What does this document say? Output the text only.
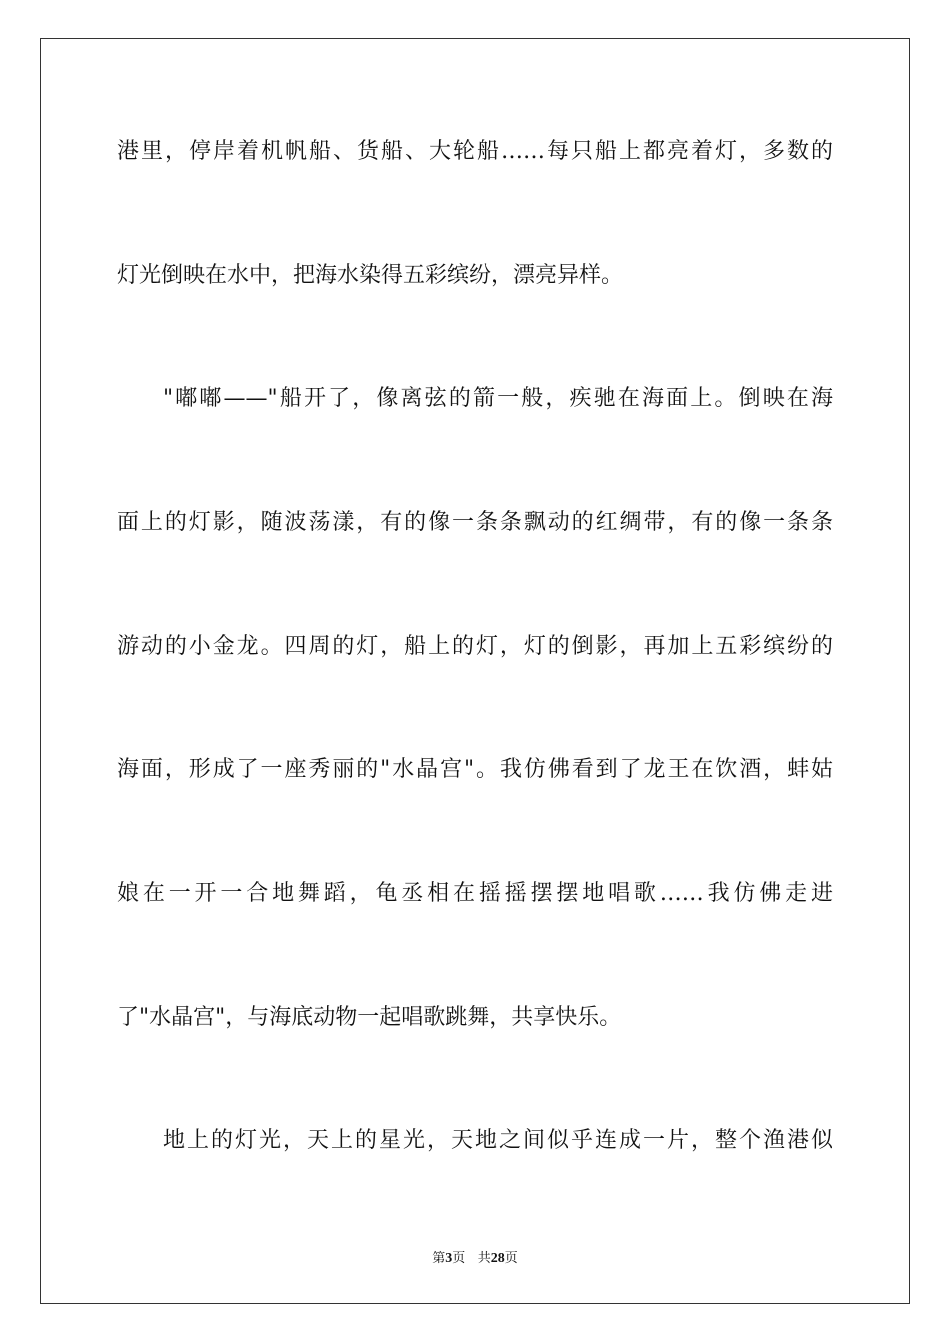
港里，停岸着机帆船、货船、大轮船……每只船上都亮着灯，多数的

灯光倒映在水中，把海水染得五彩缤纷，漂亮异样。

"嘟嘟——"船开了，像离弦的箭一般，疾驰在海面上。倒映在海

面上的灯影，随波荡漾，有的像一条条飘动的红绸带，有的像一条条

游动的小金龙。四周的灯，船上的灯，灯的倒影，再加上五彩缤纷的

海面，形成了一座秀丽的"水晶宫"。我仿佛看到了龙王在饮酒，蚌姑

娘在一开一合地舞蹈，龟丞相在摇摇摆摆地唱歌……我仿佛走进

了"水晶宫"，与海底动物一起唱歌跳舞，共享快乐。

地上的灯光，天上的星光，天地之间似乎连成一片，整个渔港似

第3页 共28页
